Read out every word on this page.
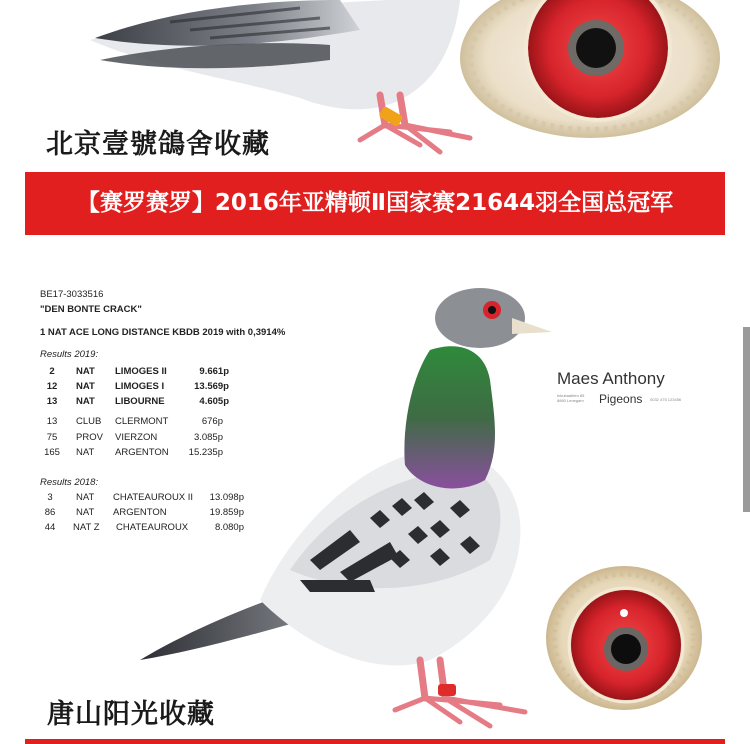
北京壹號鴿舍收藏
【赛罗赛罗】2016年亚精顿Ⅱ国家赛21644羽全国总冠军
BE17-3033516
"DEN BONTE CRACK"
1 NAT ACE LONG DISTANCE KBDB 2019 with 0,3914%
Results 2019:
2	NAT LIMOGES II	9.661p
12	NAT LIMOGES I	13.569p
13	NAT LIBOURNE	4.605p
13	CLUB CLERMONT	676p
75	PROV VIERZON	3.085p
165	NAT ARGENTON	15.235p
Results 2018:
3	NAT CHATEAUROUX II	13.098p
86	NAT ARGENTON	19.859p
44	NAT Z CHATEAUROUX	8.080p
Maes Anthony
Inkubaattien 85 8860 Lenegam	Pigeons 0032 475 123456
唐山阳光收藏
